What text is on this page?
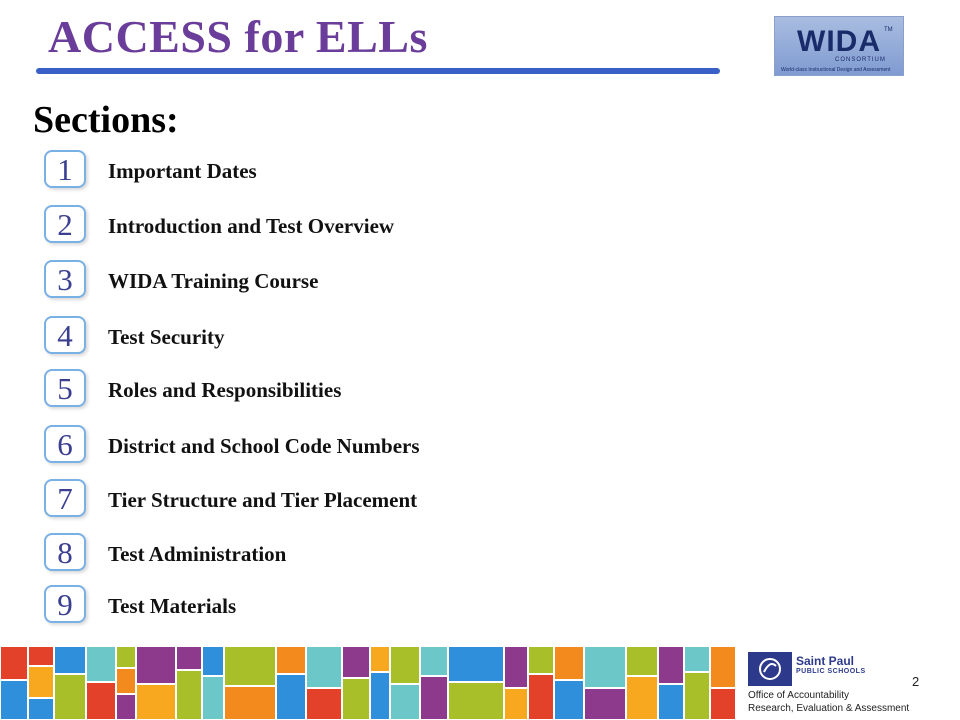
ACCESS for ELLs	WIDA TM
CONSORTIUM
World-class Instructional Design and Assessment
Sections:
1	Important Dates
2	Introduction and Test Overview
3	WIDA Training Course
4	Test Security
5	Roles and Responsibilities
6	District and School Code Numbers
7	Tier Structure and Tier Placement
8	Test Administration
9	Test Materials
Saint Paul
PUBLIC SCHOOLS
2
Office of Accountability
Research, Evaluation & Assessment
